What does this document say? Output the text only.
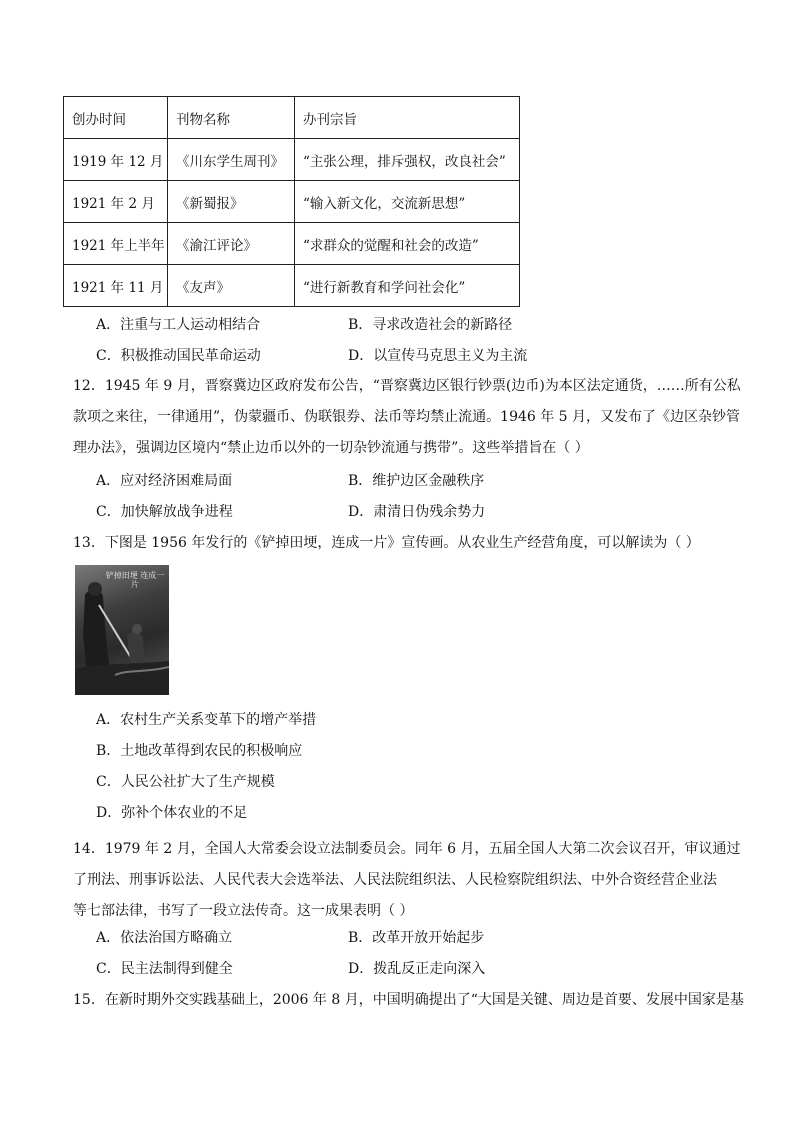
创办时间	刊物名称	办刊宗旨
1919 年 12 月	《川东学生周刊》	“主张公理，排斥强权，改良社会”
1921 年 2 月	《新蜀报》	“输入新文化，交流新思想”
1921 年上半年	《渝江评论》	“求群众的觉醒和社会的改造”
1921 年 11 月	《友声》	“进行新教育和学问社会化”
A．注重与工人运动相结合	B．寻求改造社会的新路径
C．积极推动国民革命运动	D．以宣传马克思主义为主流
12．1945 年 9 月，晋察冀边区政府发布公告，“晋察冀边区银行钞票(边币)为本区法定通货，……所有公私
款项之来往，一律通用”，伪蒙疆币、伪联银券、法币等均禁止流通。1946 年 5 月，又发布了《边区杂钞管
理办法》，强调边区境内“禁止边币以外的一切杂钞流通与携带”。这些举措旨在（ ）
A．应对经济困难局面	B．维护边区金融秩序
C．加快解放战争进程	D．肃清日伪残余势力
13．下图是 1956 年发行的《铲掉田埂，连成一片》宣传画。从农业生产经营角度，可以解读为（ ）
铲掉田埂 连成一片
A．农村生产关系变革下的增产举措
B．土地改革得到农民的积极响应
C．人民公社扩大了生产规模
D．弥补个体农业的不足
14．1979 年 2 月，全国人大常委会设立法制委员会。同年 6 月，五届全国人大第二次会议召开，审议通过
了刑法、刑事诉讼法、人民代表大会选举法、人民法院组织法、人民检察院组织法、中外合资经营企业法
等七部法律，书写了一段立法传奇。这一成果表明（ ）
A．依法治国方略确立	B．改革开放开始起步
C．民主法制得到健全	D．拨乱反正走向深入
15．在新时期外交实践基础上，2006 年 8 月，中国明确提出了“大国是关键、周边是首要、发展中国家是基
